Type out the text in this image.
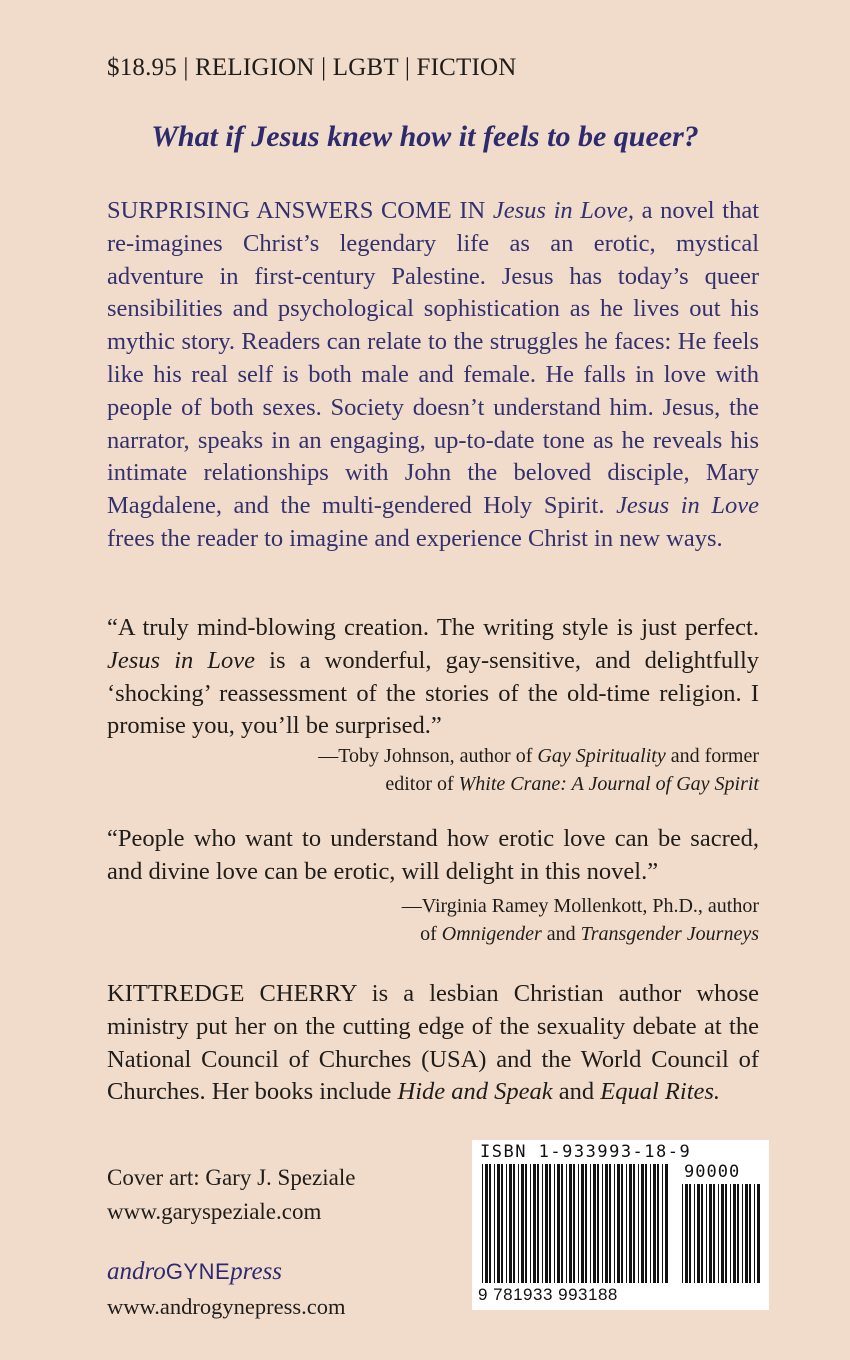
$18.95 | RELIGION | LGBT | FICTION
What if Jesus knew how it feels to be queer?

SURPRISING ANSWERS COME IN Jesus in Love, a novel that re-imagines Christ’s legendary life as an erotic, mystical adventure in first-century Palestine. Jesus has today’s queer sensibilities and psychological sophistication as he lives out his mythic story. Readers can relate to the struggles he faces: He feels like his real self is both male and female. He falls in love with people of both sexes. Society doesn’t understand him. Jesus, the narrator, speaks in an engaging, up-to-date tone as he reveals his intimate relationships with John the beloved disciple, Mary Magdalene, and the multi-gendered Holy Spirit. Jesus in Love frees the reader to imagine and experience Christ in new ways.

“A truly mind-blowing creation. The writing style is just perfect. Jesus in Love is a wonderful, gay-sensitive, and delightfully ‘shocking’ reassessment of the stories of the old-time religion. I promise you, you’ll be surprised.”

—Toby Johnson, author of Gay Spirituality and former
editor of White Crane: A Journal of Gay Spirit

“People who want to understand how erotic love can be sacred, and divine love can be erotic, will delight in this novel.”

—Virginia Ramey Mollenkott, Ph.D., author
of Omnigender and Transgender Journeys

KITTREDGE CHERRY is a lesbian Christian author whose ministry put her on the cutting edge of the sexuality debate at the National Council of Churches (USA) and the World Council of Churches. Her books include Hide and Speak and Equal Rites.

Cover art: Gary J. Speziale
www.garyspeziale.com
androGYNEpress
www.androgynepress.com
ISBN 1-933993-18-9
90000
9 781933 993188
